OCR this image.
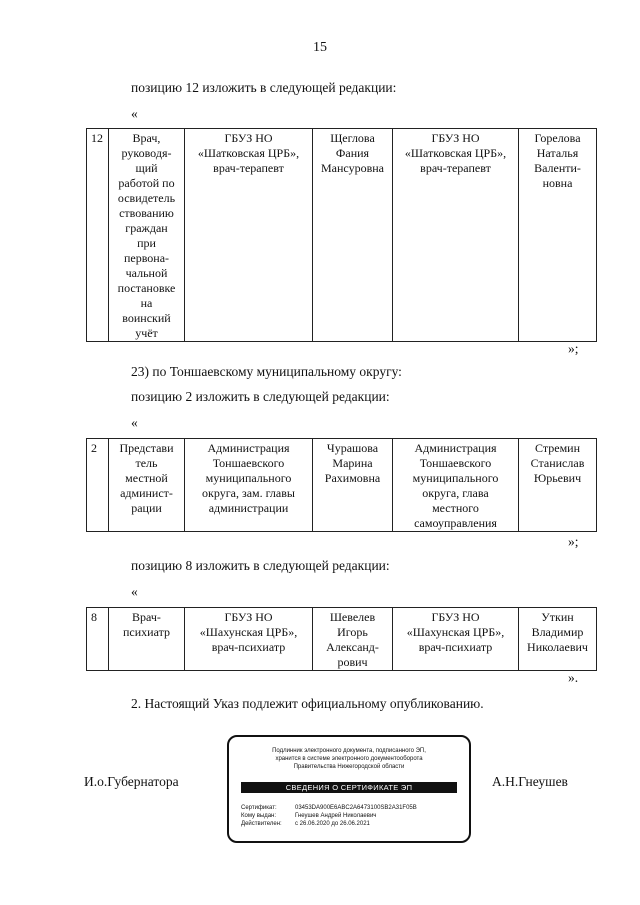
15
позицию 12 изложить в следующей редакции:
«
12	Врач,
руководя-
щий
работой по
освидетель
ствованию
граждан
при
первона-
чальной
постановке
на
воинский
учёт	ГБУЗ НО
«Шатковская ЦРБ»,
врач-терапевт	Щеглова
Фания
Мансуровна	ГБУЗ НО
«Шатковская ЦРБ»,
врач-терапевт	Горелова
Наталья
Валенти-
новна
»;
23) по Тоншаевскому муниципальному округу:
позицию 2 изложить в следующей редакции:
«
2	Представи
тель
местной
админист-
рации	Администрация
Тоншаевского
муниципального
округа, зам. главы
администрации	Чурашова
Марина
Рахимовна	Администрация
Тоншаевского
муниципального
округа, глава
местного
самоуправления	Стремин
Станислав
Юрьевич
»;
позицию 8 изложить в следующей редакции:
«
8	Врач-
психиатр	ГБУЗ НО
«Шахунская ЦРБ»,
врач-психиатр	Шевелев
Игорь
Александ-
рович	ГБУЗ НО
«Шахунская ЦРБ»,
врач-психиатр	Уткин
Владимир
Николаевич
».
2. Настоящий Указ подлежит официальному опубликованию.
И.о.Губернатора	А.Н.Гнеушев
Подлинник электронного документа, подписанного ЭП,
хранится в системе электронного документооборота
Правительства Нижегородской области
СВЕДЕНИЯ О СЕРТИФИКАТЕ ЭП
Сертификат:	03453DA900E6ABC2A6473100SB2A31F05B
Кому выдан:	Гнеушев Андрей Николаевич
Действителен: с 26.06.2020 до 26.06.2021
